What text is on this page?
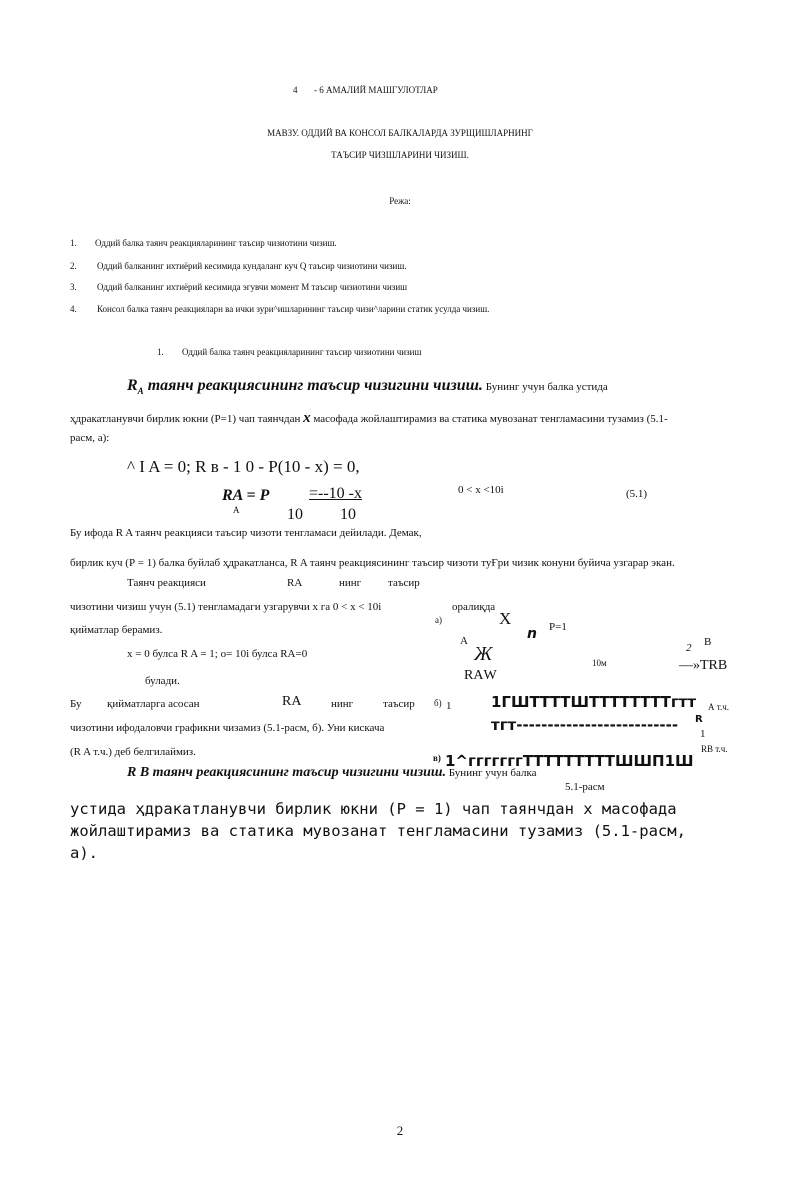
4 - 6 АМАЛИЙ МАШГУЛОТЛАР
МАВЗУ. ОДДИЙ ВА КОНСОЛ БАЛКАЛАРДА ЗУРЩИШЛАРНИНГ
ТАЪСИР ЧИЗШЛАРИНИ ЧИЗИШ.
Режа:
1. Оддий балка таянч реакцияларининг таъсир чизиотини чизиш.
2. Оддий балканинг ихтиёрий кесимида кундаланг куч Q таъсир чизиотини чизиш.
3. Оддий балканинг ихтиёрий кесимида эгувчи момент М таъсир чизиотини чизиш
4. Консол балка таянч реакцияларн ва ички зури^ишларининг таъсир чизи^ларини статик усулда чизиш.
1. Оддий балка таянч реакцияларининг таъсир чизиотини чизиш
$R_A$ таянч реакциясининг таъсир чизигини чизиш. Бунинг учун балка устида
ҳдракатланувчи бирлик юкни (Р=1) чап таянчдан х масофада жойлаштирамиз ва статика мувозанат тенгламасини тузамиз (5.1-
расм, а):
^ I A = 0; R в - 1 0 - P(10 - x) = 0,
RA = P =--10 -х
A	10 10
0 < x <10i	(5.1)
Бу ифода R A таянч реакцияси таъсир чизоти тенгламаси дейилади. Демак,
бирлик куч (Р = 1) балка буйлаб ҳдракатланса, R A таянч реакциясининг таъсир чизоти туҒри чизик конуни буйича узгарар экан.
Таянч реакцияси	RA	нинг таъсир
чизотини чизиш учун (5.1) тенгламадаги узгарувчи х га 0 < x < 10i	оралиқда
қийматлар берамиз.
x = 0 булса R A = 1; o= 10i булса RA=0
булади.
Бу қийматларга асосан	RA	нинг	таъсир
чизотини ифодаловчи графикни чизамиз (5.1-расм, б). Уни кискача
(R A т.ч.) деб белгилаймиз.
а)	Х
n Р=1
2 В
А
Ж	10м	—»ТRB
RАW
б) 1	1ГШТТТТШТТТТТТТТгтт А т.ч.
тгт-------------------------- R
1
RB т.ч.
в) 1^гггггггТТТТТТТТТШШП1Ш
5.1-расм
R B таянч реакциясининг таъсир чизигини чизиш. Бунинг учун балка
устида ҳдракатланувчи бирлик юкни (P = 1) чап таянчдан х масофада
жойлаштирамиз ва статика мувозанат тенгламасини тузамиз (5.1-расм,
а).
2
